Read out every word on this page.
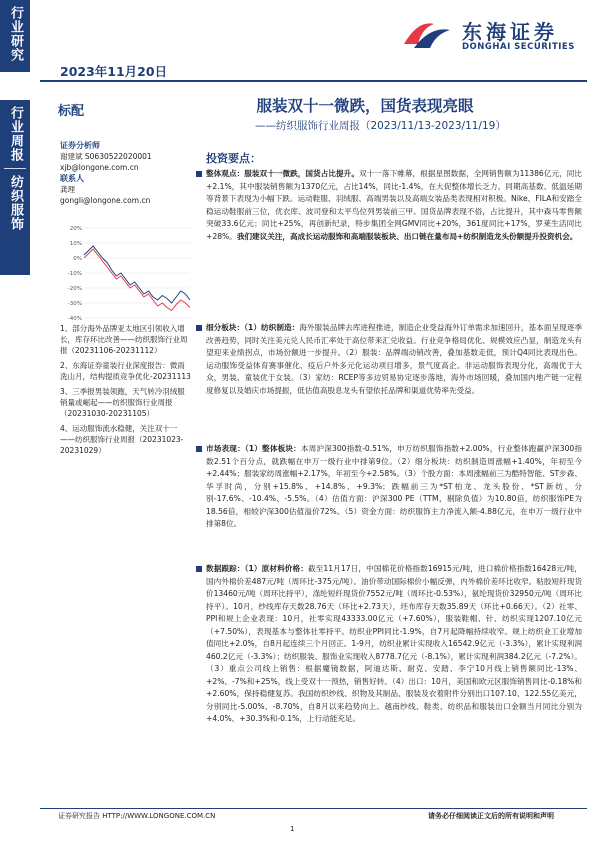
行业研究
行业周报
纺织服饰
2023年11月20日
东海证券
DONGHAI SECURITIES
标配	服装双十一微跌，国货表现亮眼
——纺织服饰行业周报（2023/11/13-2023/11/19）
证券分析师
谢建斌 S0630522020001
xjb@longone.com.cn
联系人
龚理
gongli@longone.com.cn
20%
10%
0%
-10%
-20%
-30%
-40%

1、部分海外品牌亚太地区引领收入增长，库存环比改善——纺织服饰行业周报（20231106-20231112）

2、东海证券童装行业深度报告：微雨洗山月，结构提质竞争优化-20231113

3、三季报男装领跑，天气转冷羽绒服销量或崛起——纺织服饰行业周报（20231030-20231105）

4、运动服饰流水稳健，关注双十一——纺织服饰行业周报（20231023-20231029）

投资要点：
整体观点：服装双十一微跌，国货占比提升。双十一落下帷幕，根据星图数据，全网销售额为11386亿元，同比+2.1%，其中服装销售额为1370亿元，占比14%，同比-1.4%，在大促整体增长乏力、同期高基数、低温延期等背景下表现为小幅下跌。运动鞋服、羽绒服、高端男装以及高端女装品类表现相对积极。Nike、FILA和安踏全稳运动鞋服前三位，优衣库、波司登和太平鸟位列男装前三甲。国货品牌表现不俗，占比提升，其中森马零售额突破33.6亿元；同比+25%，再创新纪录，特步集团全网GMV同比+20%，361度同比+17%，罗莱生活同比+28%。我们建议关注，高成长运动服饰和高端服装板块、出口链在量布局+纺织制造龙头份额提升投资机会。
细分板块：（1）纺织制造：海外服装品牌去库进程推进，制造企业受益海外订单需求加速回升，基本面呈现逐季改善趋势，同时关注美元兑人民币汇率处于高位带来汇兑收益。行业竞争格局优化、规模效应凸显，制造龙头有望迎来业绩拐点，市场份额进一步提升。（2）服装：品牌端动销改善，叠加基数走低，预计Q4同比表现出色。运动服饰受益体育赛事催化、疫后户外多元化运动项目增多，景气度高企。非运动服饰表现分化，高端优于大众，男装、童装优于女装。（3）家纺：RCEP等多边贸易协定逐步落地，海外市场回暖，叠加国内地产链一定程度修复以及婚庆市场提振，低估值高股息龙头有望依托品牌和渠道优势率先受益。
市场表现：（1）整体板块：本周沪深300指数-0.51%，申万纺织服饰指数+2.00%，行业整体跑赢沪深300指数2.51个百分点，就跌幅在申万一级行业中排第9位。（2）细分板块：纺织制造周涨幅+1.40%，年初至今+2.44%；服装家纺周涨幅+2.17%，年初至今+2.58%。（3）个股方面：本周涨幅前三为酷特智能、ST步森、华孚时尚，分别+15.8%、+14.8%、+9.3%；跌幅前三为*ST柏龙、龙头股份、*ST新纺，分别-17.6%、-10.4%、-5.5%。（4）估值方面：沪深300 PE（TTM，剔除负值）为10.80倍，纺织服饰PE为18.56倍，相较沪深300估值溢价72%。（5）资金方面：纺织服饰主力净流入额-4.88亿元，在申万一级行业中排第8位。
数据跟踪：（1）原材料价格：截至11月17日，中国棉花价格指数16915元/吨，进口棉价格指数16428元/吨，国内外棉价差487元/吨（周环比-375元/吨）。油价带动国际棉价小幅反弹，内外棉价差环比收窄。粘胶短纤现货价13460元/吨（周环比持平），涤纶短纤现货价7552元/吨（周环比-0.53%），氨纶现货价32950元/吨（周环比持平）。10月，纱线库存天数28.76天（环比+2.73天），坯布库存天数35.89天（环比+0.66天）。（2）社零、PPI和规上企业表现：10月，社零实现43333.00亿元（+7.60%），服装鞋帽、针、纺织实现1207.10亿元（+7.50%），表现基本与整体社零持平。纺织业PPI同比-1.9%，自7月起降幅持续收窄。规上纺织业工业增加值同比+2.0%，自8月起连续三个月回正。1-9月，纺织业累计实现收入16542.9亿元（-3.3%），累计实现利润460.2亿元（-3.3%）；纺织服装、服饰业实现收入8778.7亿元（-8.1%），累计实现利润384.2亿元（-7.2%）。（3）重点公司线上销售：根据魔镜数据，阿迪达斯、耐克、安踏、李宁10月线上销售额同比-13%、+2%、-7%和+25%，线上受双十一预热，销售好转。（4）出口：10月，美国和欧元区服饰销售同比-0.18%和+2.60%，保持稳健复苏。我国纺织纱线、织物及其制品、服装及衣着附件分别出口107.10、122.55亿美元，分别同比-5.00%、-8.70%，自8月以来趋势向上。越南纱线、鞋类、纺织品和服装出口金额当月同比分别为+4.0%、+30.3%和-0.1%，上行动能充足。
证券研究报告 HTTP://WWW.LONGONE.COM.CN	请务必仔细阅读正文后的所有说明和声明
1
